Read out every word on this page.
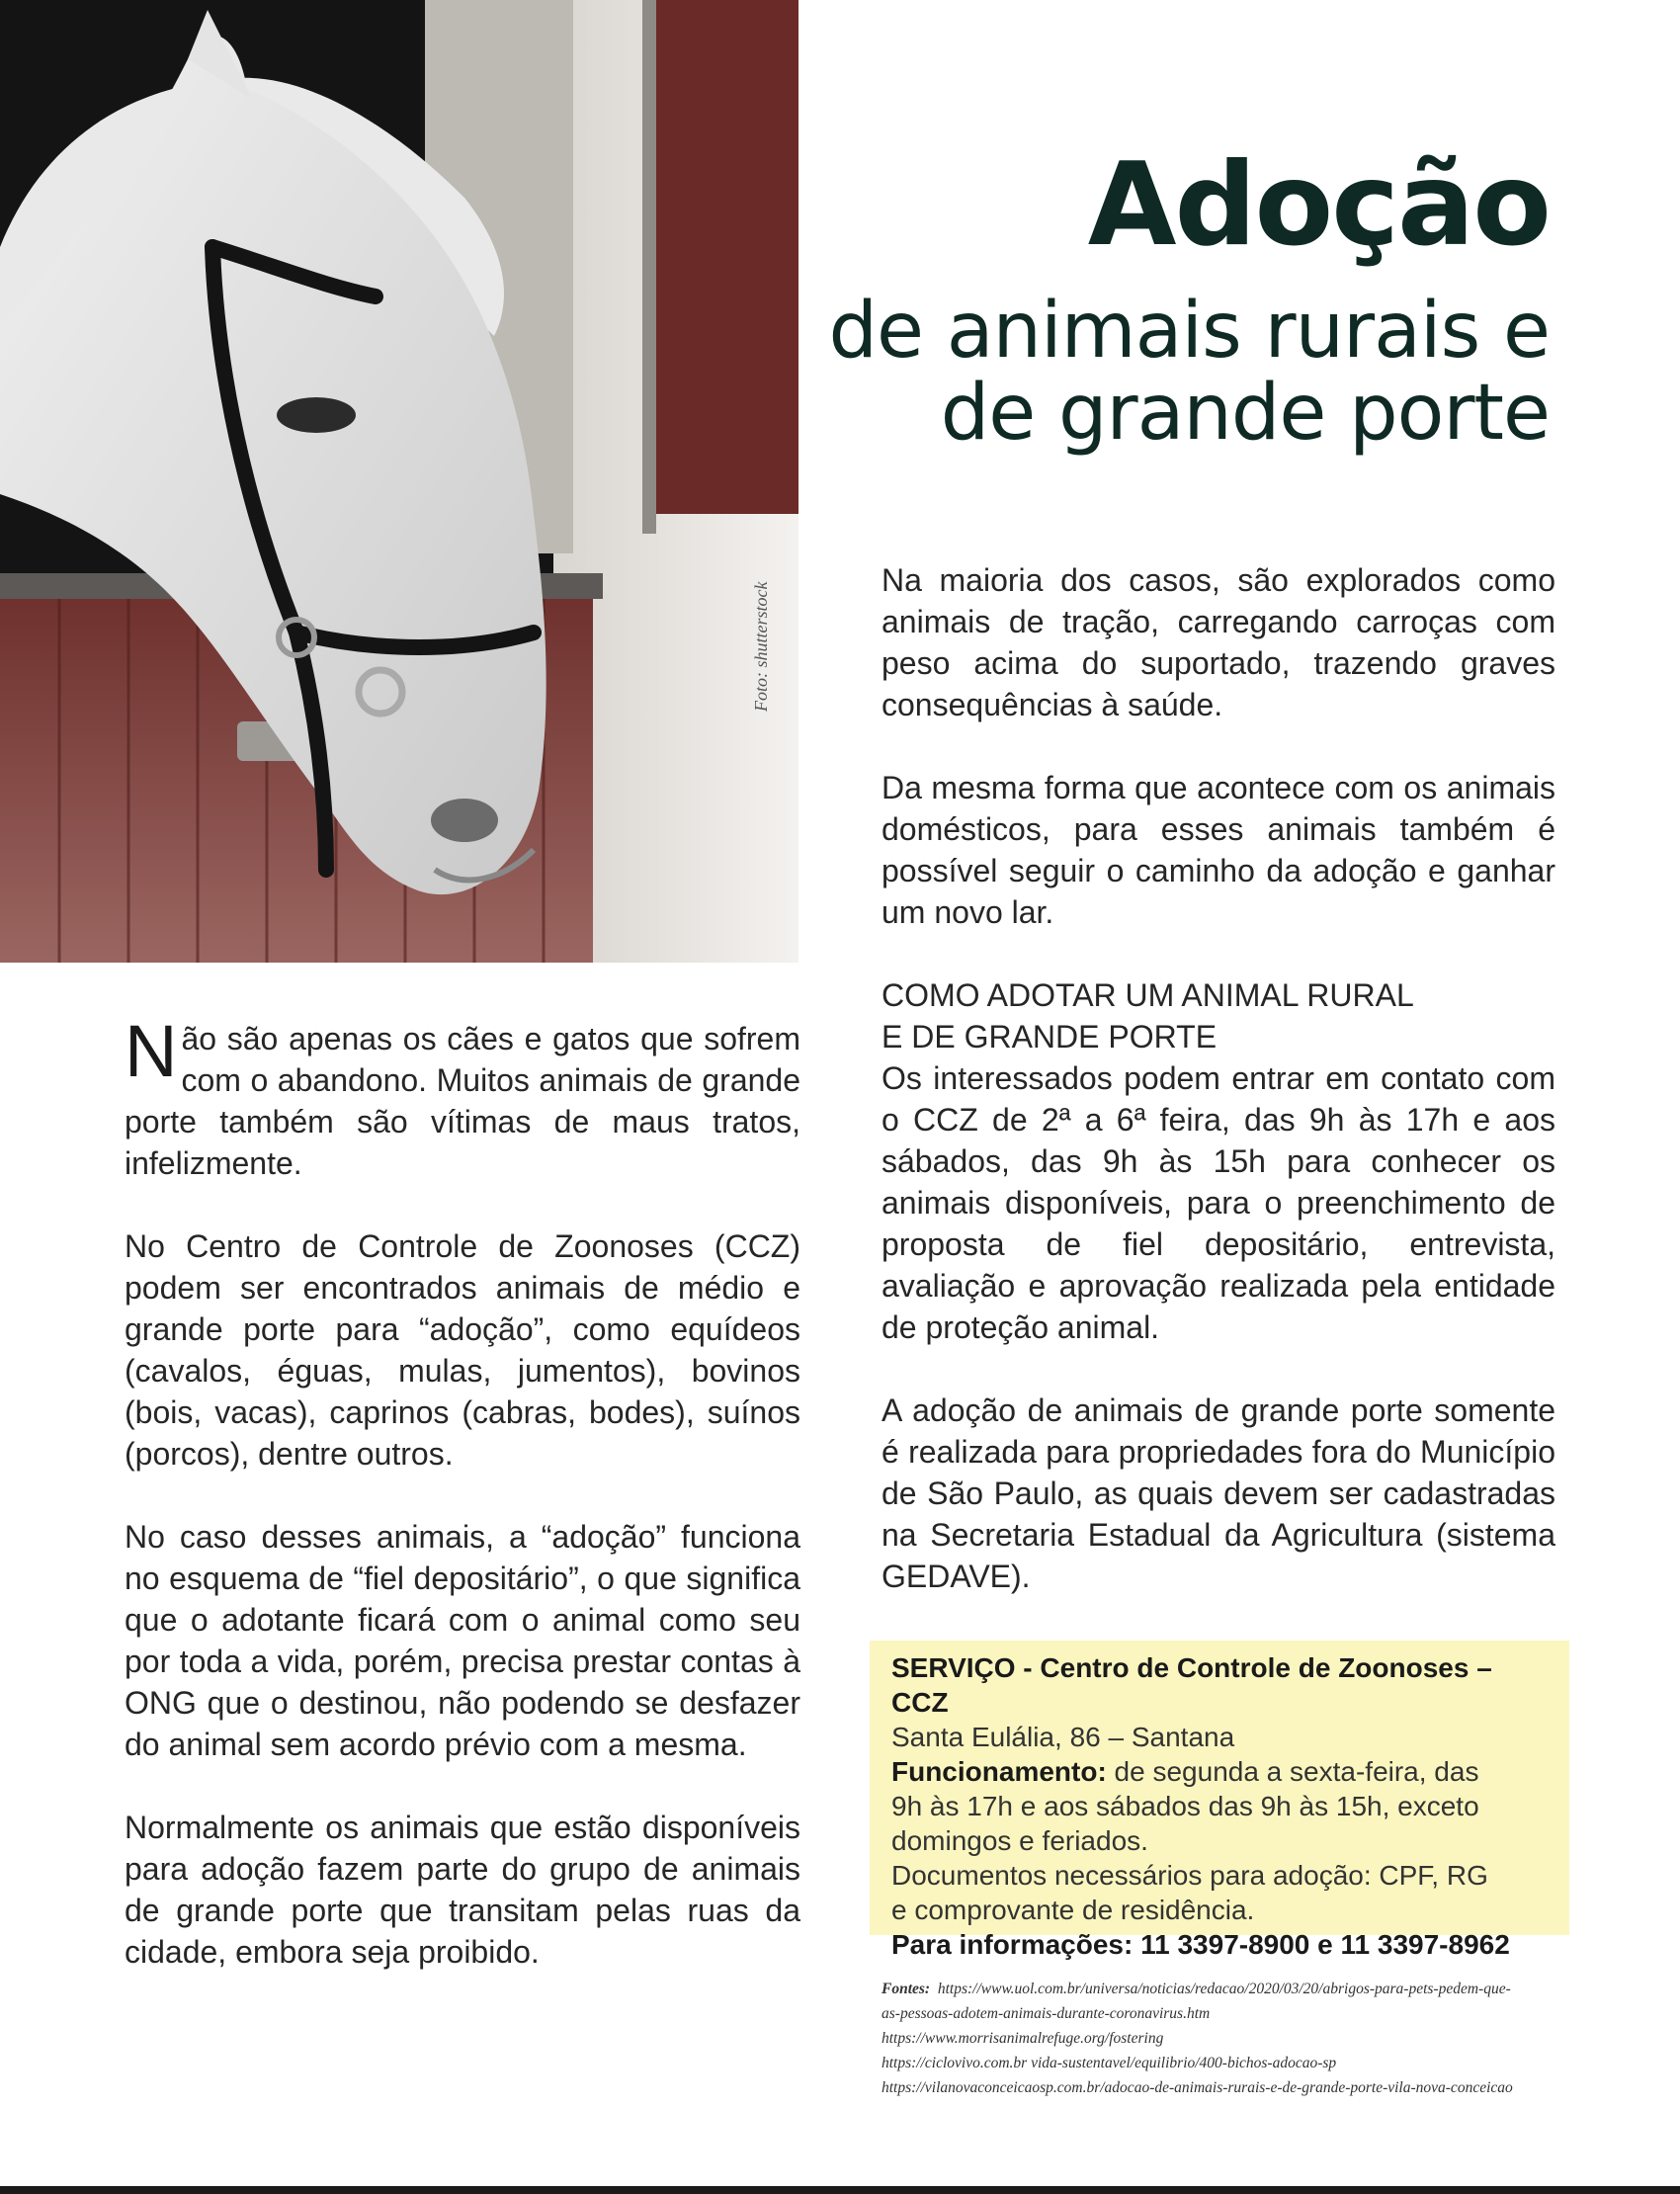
Foto: shutterstock
Adoção
de animais rurais e
de grande porte

Não são apenas os cães e gatos que sofrem com o abandono. Muitos animais de grande porte também são vítimas de maus tratos, infelizmente.

No Centro de Controle de Zoonoses (CCZ) podem ser encontrados animais de médio e grande porte para “adoção”, como equídeos (cavalos, éguas, mulas, jumentos), bovinos (bois, vacas), caprinos (cabras, bodes), suínos (porcos), dentre outros.

No caso desses animais, a “adoção” funciona no esquema de “fiel depositário”, o que significa que o adotante ficará com o animal como seu por toda a vida, porém, precisa prestar contas à ONG que o destinou, não podendo se desfazer do animal sem acordo prévio com a mesma.

Normalmente os animais que estão disponíveis para adoção fazem parte do grupo de animais de grande porte que transitam pelas ruas da cidade, embora seja proibido.

Na maioria dos casos, são explorados como animais de tração, carregando carroças com peso acima do suportado, trazendo graves consequências à saúde.

Da mesma forma que acontece com os animais domésticos, para esses animais também é possível seguir o caminho da adoção e ganhar um novo lar.

COMO ADOTAR UM ANIMAL RURAL
E DE GRANDE PORTE
Os interessados podem entrar em contato com o CCZ de 2ª a 6ª feira, das 9h às 17h e aos sábados, das 9h às 15h para conhecer os animais disponíveis, para o preenchimento de proposta de fiel depositário, entrevista, avaliação e aprovação realizada pela entidade de proteção animal.

A adoção de animais de grande porte somente é realizada para propriedades fora do Município de São Paulo, as quais devem ser cadastradas na Secretaria Estadual da Agricultura (sistema GEDAVE).

SERVIÇO - Centro de Controle de Zoonoses – CCZ
Santa Eulália, 86 – Santana
Funcionamento: de segunda a sexta-feira, das
9h às 17h e aos sábados das 9h às 15h, exceto
domingos e feriados.
Documentos necessários para adoção: CPF, RG
e comprovante de residência.
Para informações: 11 3397-8900 e 11 3397-8962
Fontes: https://www.uol.com.br/universa/noticias/redacao/2020/03/20/abrigos-para-pets-pedem-que-
as-pessoas-adotem-animais-durante-coronavirus.htm
https://www.morrisanimalrefuge.org/fostering
https://ciclovivo.com.br vida-sustentavel/equilibrio/400-bichos-adocao-sp
https://vilanovaconceicaosp.com.br/adocao-de-animais-rurais-e-de-grande-porte-vila-nova-conceicao
